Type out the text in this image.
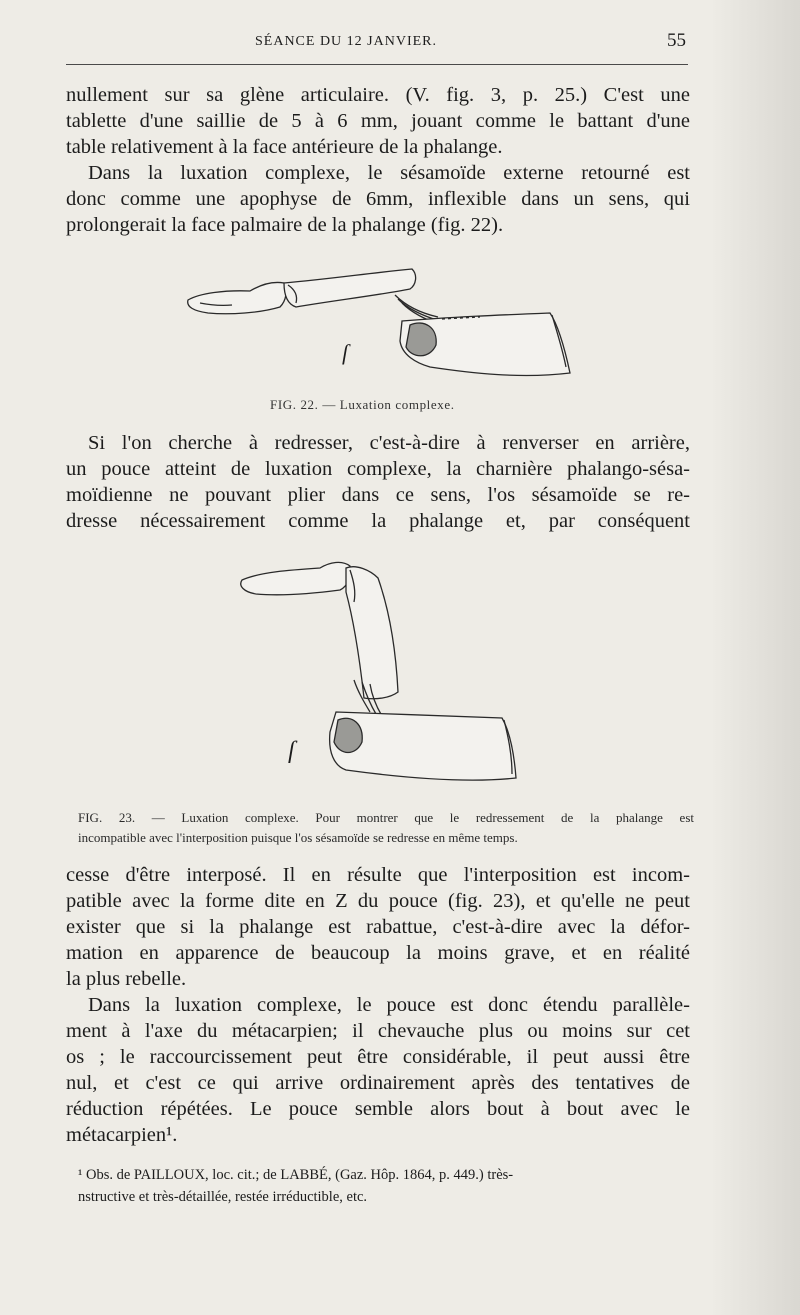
SÉANCE DU 12 JANVIER.	55
nullement sur sa glène articulaire. (V. fig. 3, p. 25.) C'est une
tablette d'une saillie de 5 à 6 mm, jouant comme le battant d'une
table relativement à la face antérieure de la phalange.
Dans la luxation complexe, le sésamoïde externe retourné est
donc comme une apophyse de 6mm, inflexible dans un sens, qui
prolongerait la face palmaire de la phalange (fig. 22).
ſ
FIG. 22. — Luxation complexe.
Si l'on cherche à redresser, c'est-à-dire à renverser en arrière,
un pouce atteint de luxation complexe, la charnière phalango-sésa-
moïdienne ne pouvant plier dans ce sens, l'os sésamoïde se re-
dresse nécessairement comme la phalange et, par conséquent
ſ
FIG. 23. — Luxation complexe. Pour montrer que le redressement de la phalange est
incompatible avec l'interposition puisque l'os sésamoïde se redresse en même temps.
cesse d'être interposé. Il en résulte que l'interposition est incom-
patible avec la forme dite en Z du pouce (fig. 23), et qu'elle ne peut
exister que si la phalange est rabattue, c'est-à-dire avec la défor-
mation en apparence de beaucoup la moins grave, et en réalité
la plus rebelle.
Dans la luxation complexe, le pouce est donc étendu parallèle-
ment à l'axe du métacarpien; il chevauche plus ou moins sur cet
os ; le raccourcissement peut être considérable, il peut aussi être
nul, et c'est ce qui arrive ordinairement après des tentatives de
réduction répétées. Le pouce semble alors bout à bout avec le
métacarpien¹.
¹ Obs. de PAILLOUX, loc. cit.; de LABBÉ, (Gaz. Hôp. 1864, p. 449.) très-
nstructive et très-détaillée, restée irréductible, etc.
